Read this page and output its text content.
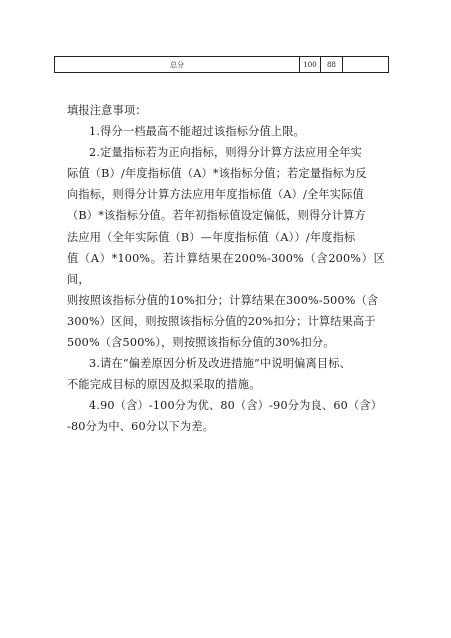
总分	100	88	

填报注意事项：

1.得分一档最高不能超过该指标分值上限。

2.定量指标若为正向指标，则得分计算方法应用全年实
际值（B）/年度指标值（A）*该指标分值；若定量指标为反
向指标，则得分计算方法应用年度指标值（A）/全年实际值
（B）*该指标分值。若年初指标值设定偏低，则得分计算方
法应用（全年实际值（B）—年度指标值（A））/年度指标
值（A）*100%。若计算结果在200%-300%（含200%）区间，
则按照该指标分值的10%扣分；计算结果在300%-500%（含
300%）区间，则按照该指标分值的20%扣分；计算结果高于
500%（含500%），则按照该指标分值的30%扣分。

3.请在“偏差原因分析及改进措施”中说明偏离目标、
不能完成目标的原因及拟采取的措施。

4.90（含）-100分为优、80（含）-90分为良、60（含）
-80分为中、60分以下为差。
